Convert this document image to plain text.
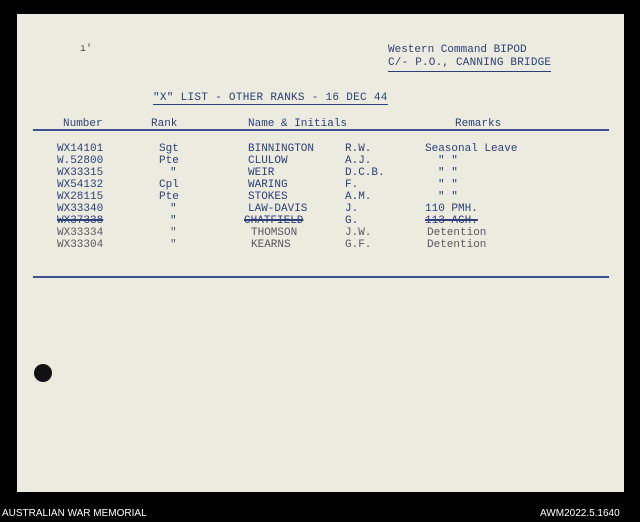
ı'	Western Command BIPOD
C/- P.O., CANNING BRIDGE
"X" LIST - OTHER RANKS - 16 DEC 44
Number	Rank	Name & Initials	Remarks
WX14101	Sgt	BINNINGTON	R.W.	Seasonal Leave
W.52800	Pte	CLULOW	A.J.	" "
WX33315	"	WEIR	D.C.B.	" "
WX54132	Cpl	WARING	F.	" "
WX28115	Pte	STOKES	A.M.	" "
WX33340	"	LAW-DAVIS	J.	110 PMH.
WX37338	"	CHATFIELD	G.	113 AGH.
WX33334	"	THOMSON	J.W.	Detention
WX33304	"	KEARNS	G.F.	Detention
AUSTRALIAN WAR MEMORIAL	AWM2022.5.1640
